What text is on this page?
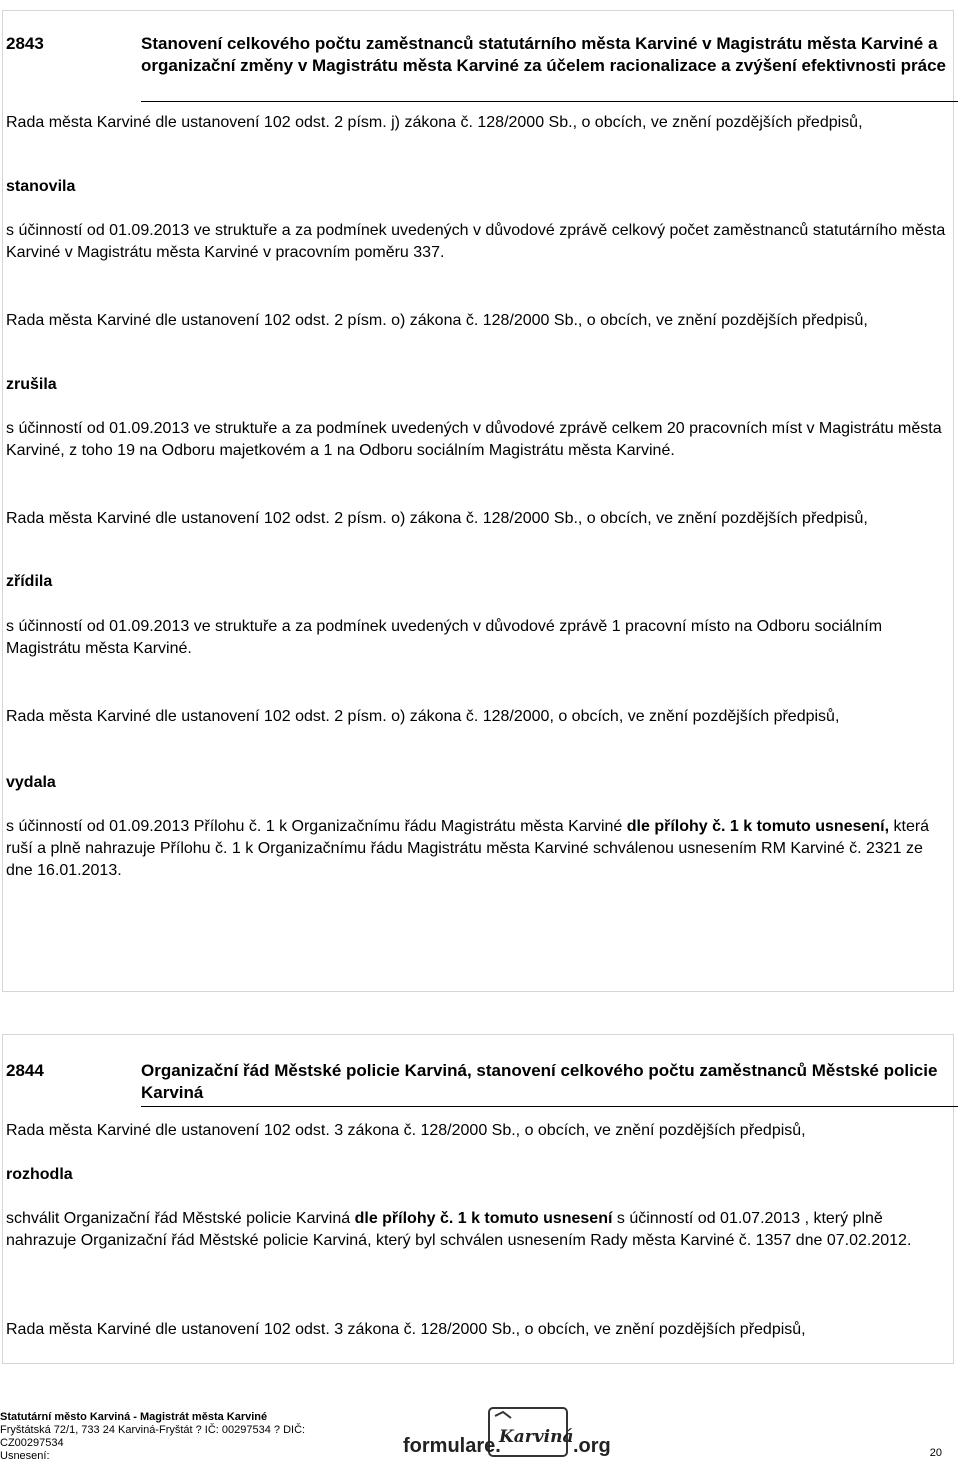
2843	Stanovení celkového počtu zaměstnanců statutárního města Karviné v Magistrátu města Karviné a organizační změny v Magistrátu města Karviné za účelem racionalizace a zvýšení efektivnosti práce
Rada města Karviné dle ustanovení 102 odst. 2 písm. j) zákona č. 128/2000 Sb., o obcích, ve znění pozdějších předpisů,
stanovila
s účinností od 01.09.2013 ve struktuře a za podmínek uvedených v důvodové zprávě celkový počet zaměstnanců statutárního města Karviné v Magistrátu města Karviné v pracovním poměru 337.
Rada města Karviné dle ustanovení 102 odst. 2 písm. o) zákona č. 128/2000 Sb., o obcích, ve znění pozdějších předpisů,
zrušila
s účinností od 01.09.2013 ve struktuře a za podmínek uvedených v důvodové zprávě celkem 20 pracovních míst v Magistrátu města Karviné, z toho 19 na Odboru majetkovém a 1 na Odboru sociálním Magistrátu města Karviné.
Rada města Karviné dle ustanovení 102 odst. 2 písm. o) zákona č. 128/2000 Sb., o obcích, ve znění pozdějších předpisů,
zřídila
s účinností od 01.09.2013 ve struktuře a za podmínek uvedených v důvodové zprávě 1 pracovní místo na Odboru sociálním Magistrátu města Karviné.
Rada města Karviné dle ustanovení 102 odst. 2 písm. o) zákona č. 128/2000, o obcích, ve znění pozdějších předpisů,
vydala
s účinností od 01.09.2013 Přílohu č. 1 k Organizačnímu řádu Magistrátu města Karviné dle přílohy č. 1 k tomuto usnesení, která ruší a plně nahrazuje Přílohu č. 1 k Organizačnímu řádu Magistrátu města Karviné schválenou usnesením RM Karviné č. 2321 ze dne 16.01.2013.
2844	Organizační řád Městské policie Karviná, stanovení celkového počtu zaměstnanců Městské policie Karviná
Rada města Karviné dle ustanovení 102 odst. 3 zákona č. 128/2000 Sb., o obcích, ve znění pozdějších předpisů,
rozhodla
schválit Organizační řád Městské policie Karviná dle přílohy č. 1 k tomuto usnesení s účinností od 01.07.2013 , který plně nahrazuje Organizační řád Městské policie Karviná, který byl schválen usnesením Rady města Karviné č. 1357 dne 07.02.2012.
Rada města Karviné dle ustanovení 102 odst. 3 zákona č. 128/2000 Sb., o obcích, ve znění pozdějších předpisů,
Statutární město Karviná - Magistrát města Karviné
Fryštátská 72/1, 733 24 Karviná-Fryštát ? IČ: 00297534 ? DIČ:
CZ00297534
Usnesení:	20
formulare.
Karviná .org
